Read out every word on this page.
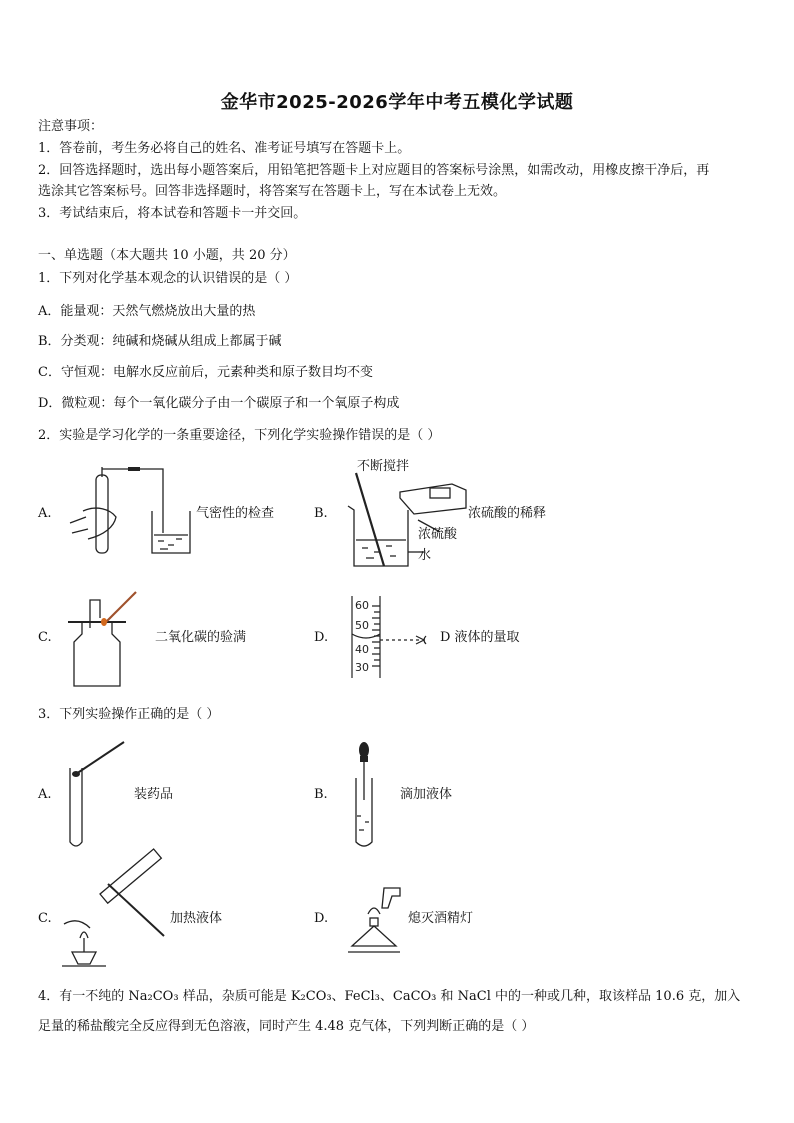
金华市2025-2026学年中考五模化学试题
注意事项：
1．答卷前，考生务必将自己的姓名、准考证号填写在答题卡上。
2．回答选择题时，选出每小题答案后，用铅笔把答题卡上对应题目的答案标号涂黑，如需改动，用橡皮擦干净后，再
选涂其它答案标号。回答非选择题时，将答案写在答题卡上，写在本试卷上无效。
3．考试结束后，将本试卷和答题卡一并交回。
一、单选题（本大题共 10 小题，共 20 分）
1．下列对化学基本观念的认识错误的是（ ）
A．能量观：天然气燃烧放出大量的热
B．分类观：纯碱和烧碱从组成上都属于碱
C．守恒观：电解水反应前后，元素种类和原子数目均不变
D．微粒观：每个一氧化碳分子由一个碳原子和一个氧原子构成
2．实验是学习化学的一条重要途径，下列化学实验操作错误的是（ ）
A.	气密性的检查	B.
不断搅拌
浓硫酸的稀释
浓硫酸
水
C.	二氧化碳的验满	D.
60
50
40
30
D 液体的量取
3．下列实验操作正确的是（ ）
A.	装药品	B.	滴加液体
C.	加热液体	D.	熄灭酒精灯
4．有一不纯的 Na₂CO₃ 样品，杂质可能是 K₂CO₃、FeCl₃、CaCO₃ 和 NaCl 中的一种或几种，取该样品 10.6 克，加入
足量的稀盐酸完全反应得到无色溶液，同时产生 4.48 克气体，下列判断正确的是（ ）
